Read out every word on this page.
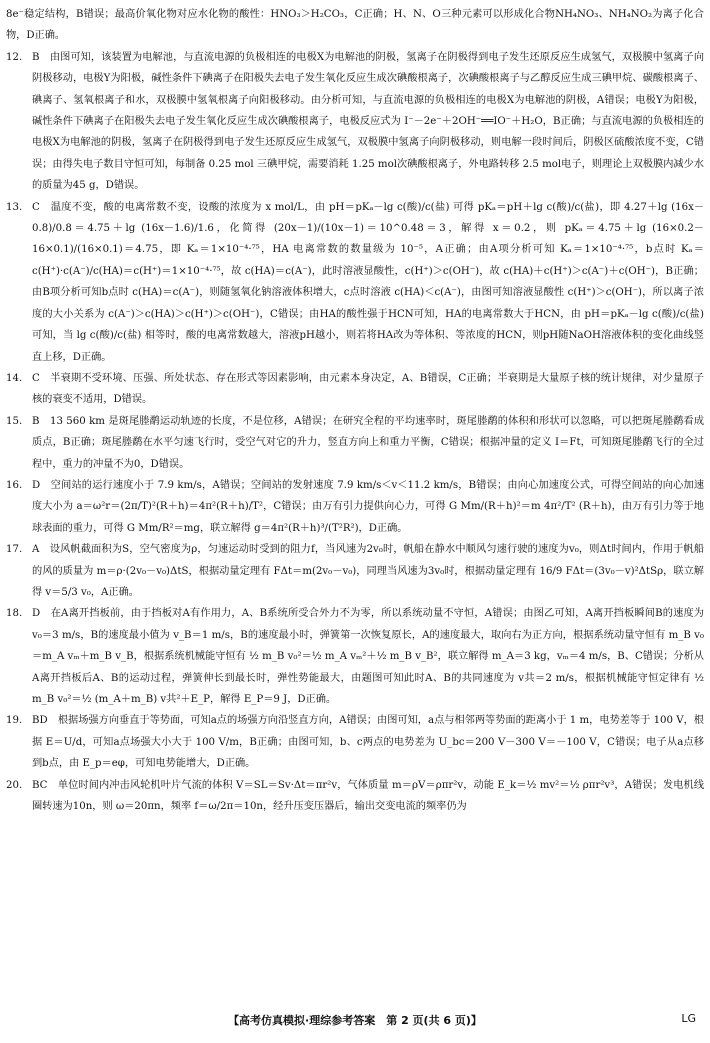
8e⁻稳定结构，B错误；最高价氧化物对应水化物的酸性：HNO₃＞H₂CO₃，C正确；H、N、O三种元素可以形成化合物NH₄NO₃、NH₄NO₂为离子化合物，D正确。

12. B　 由图可知，该装置为电解池，与直流电源的负极相连的电极X为电解池的阴极，氢离子在阴极得到电子发生还原反应生成氢气，双极膜中氢离子向阴极移动，电极Y为阳极，碱性条件下碘离子在阳极失去电子发生氧化反应生成次碘酸根离子，次碘酸根离子与乙醇反应生成三碘甲烷、碳酸根离子、碘离子、氢氧根离子和水，双极膜中氢氧根离子向阳极移动。由分析可知，与直流电源的负极相连的电极X为电解池的阴极，A错误；电极Y为阳极，碱性条件下碘离子在阳极失去电子发生氧化反应生成次碘酸根离子，电极反应式为 I⁻－2e⁻＋2OH⁻══IO⁻＋H₂O，B正确；与直流电源的负极相连的电极X为电解池的阴极，氢离子在阴极得到电子发生还原反应生成氢气，双极膜中氢离子向阴极移动，则电解一段时间后，阴极区硫酸浓度不变，C错误；由得失电子数目守恒可知，每制备 0.25 mol 三碘甲烷，需要消耗 1.25 mol次碘酸根离子，外电路转移 2.5 mol电子，则理论上双极膜内减少水的质量为45 g，D错误。

13. C　 温度不变，酸的电离常数不变，设酸的浓度为 x mol/L，由 pH＝pKₐ－lg c(酸)/c(盐) 可得 pKₐ＝pH＋lg c(酸)/c(盐)，即 4.27＋lg (16x－0.8)/0.8＝4.75＋lg (16x－1.6)/1.6，化简得 (20x－1)/(10x－1)＝10^0.48＝3，解得 x＝0.2，则 pKₐ＝4.75＋lg (16×0.2－16×0.1)/(16×0.1)＝4.75，即 Kₐ＝1×10⁻⁴·⁷⁵，HA 电离常数的数量级为 10⁻⁵，A正确；由A项分析可知 Kₐ＝1×10⁻⁴·⁷⁵，b点时 Kₐ＝c(H⁺)·c(A⁻)/c(HA)＝c(H⁺)＝1×10⁻⁴·⁷⁵，故 c(HA)＝c(A⁻)，此时溶液显酸性，c(H⁺)＞c(OH⁻)，故 c(HA)＋c(H⁺)＞c(A⁻)＋c(OH⁻)，B正确；由B项分析可知b点时 c(HA)＝c(A⁻)，则随氢氧化钠溶液体积增大，c点时溶液 c(HA)＜c(A⁻)，由图可知溶液显酸性 c(H⁺)＞c(OH⁻)，所以离子浓度的大小关系为 c(A⁻)＞c(HA)＞c(H⁺)＞c(OH⁻)，C错误；由HA的酸性强于HCN可知，HA的电离常数大于HCN，由 pH＝pKₐ－lg c(酸)/c(盐) 可知，当 lg c(酸)/c(盐) 相等时，酸的电离常数越大，溶液pH越小，则若将HA改为等体积、等浓度的HCN，则pH随NaOH溶液体积的变化曲线竖直上移，D正确。

14. C　 半衰期不受环境、压强、所处状态、存在形式等因素影响，由元素本身决定，A、B错误，C正确；半衰期是大量原子核的统计规律，对少量原子核的衰变不适用，D错误。

15. B　 13 560 km 是斑尾塍鹬运动轨迹的长度，不是位移，A错误；在研究全程的平均速率时，斑尾塍鹬的体积和形状可以忽略，可以把斑尾塍鹬看成质点，B正确；斑尾塍鹬在水平匀速飞行时，受空气对它的升力，竖直方向上和重力平衡，C错误；根据冲量的定义 I＝Ft，可知斑尾塍鹬飞行的全过程中，重力的冲量不为0，D错误。

16. D　 空间站的运行速度小于 7.9 km/s，A错误；空间站的发射速度 7.9 km/s＜v＜11.2 km/s，B错误；由向心加速度公式，可得空间站的向心加速度大小为 a＝ω²r＝(2π/T)²(R＋h)＝4π²(R＋h)/T²，C错误；由万有引力提供向心力，可得 G Mm/(R＋h)²＝m 4π²/T² (R＋h)，由万有引力等于地球表面的重力，可得 G Mm/R²＝mg，联立解得 g＝4π²(R＋h)³/(T²R²)，D正确。

17. A　 设风帆截面积为S，空气密度为ρ，匀速运动时受到的阻力f，当风速为2v₀时，帆船在静水中顺风匀速行驶的速度为v₀，则Δt时间内，作用于帆船的风的质量为 m＝ρ·(2v₀－v₀)ΔtS，根据动量定理有 FΔt＝m(2v₀－v₀)，同理当风速为3v₀时，根据动量定理有 16/9 FΔt＝(3v₀－v)²ΔtSρ，联立解得 v＝5/3 v₀，A正确。

18. D　 在A离开挡板前，由于挡板对A有作用力，A、B系统所受合外力不为零，所以系统动量不守恒，A错误；由图乙可知，A离开挡板瞬间B的速度为 v₀＝3 m/s，B的速度最小值为 v_B＝1 m/s，B的速度最小时，弹簧第一次恢复原长，A的速度最大，取向右为正方向，根据系统动量守恒有 m_B v₀＝m_A vₘ＋m_B v_B，根据系统机械能守恒有 ½ m_B v₀²＝½ m_A vₘ²＋½ m_B v_B²，联立解得 m_A＝3 kg，vₘ＝4 m/s，B、C错误；分析从A离开挡板后A、B的运动过程，弹簧伸长到最长时，弹性势能最大，由题图可知此时A、B的共同速度为 v共＝2 m/s，根据机械能守恒定律有 ½ m_B v₀²＝½ (m_A＋m_B) v共²＋E_P，解得 E_P＝9 J，D正确。

19. BD　 根据场强方向垂直于等势面，可知a点的场强方向沿竖直方向，A错误；由图可知，a点与相邻两等势面的距离小于 1 m，电势差等于 100 V，根据 E＝U/d，可知a点场强大小大于 100 V/m，B正确；由图可知，b、c两点的电势差为 U_bc＝200 V－300 V＝－100 V，C错误；电子从a点移到b点，由 E_p＝eφ，可知电势能增大，D正确。

20. BC　 单位时间内冲击风轮机叶片气流的体积 V＝SL＝Sv·Δt＝πr²v，气体质量 m＝ρV＝ρπr²v，动能 E_k＝½ mv²＝½ ρπr²v³，A错误；发电机线圈转速为10n，则 ω＝20πn，频率 f＝ω/2π＝10n，经升压变压器后，输出交变电流的频率仍为

【高考仿真模拟·理综参考答案　第 2 页(共 6 页)】	LG
